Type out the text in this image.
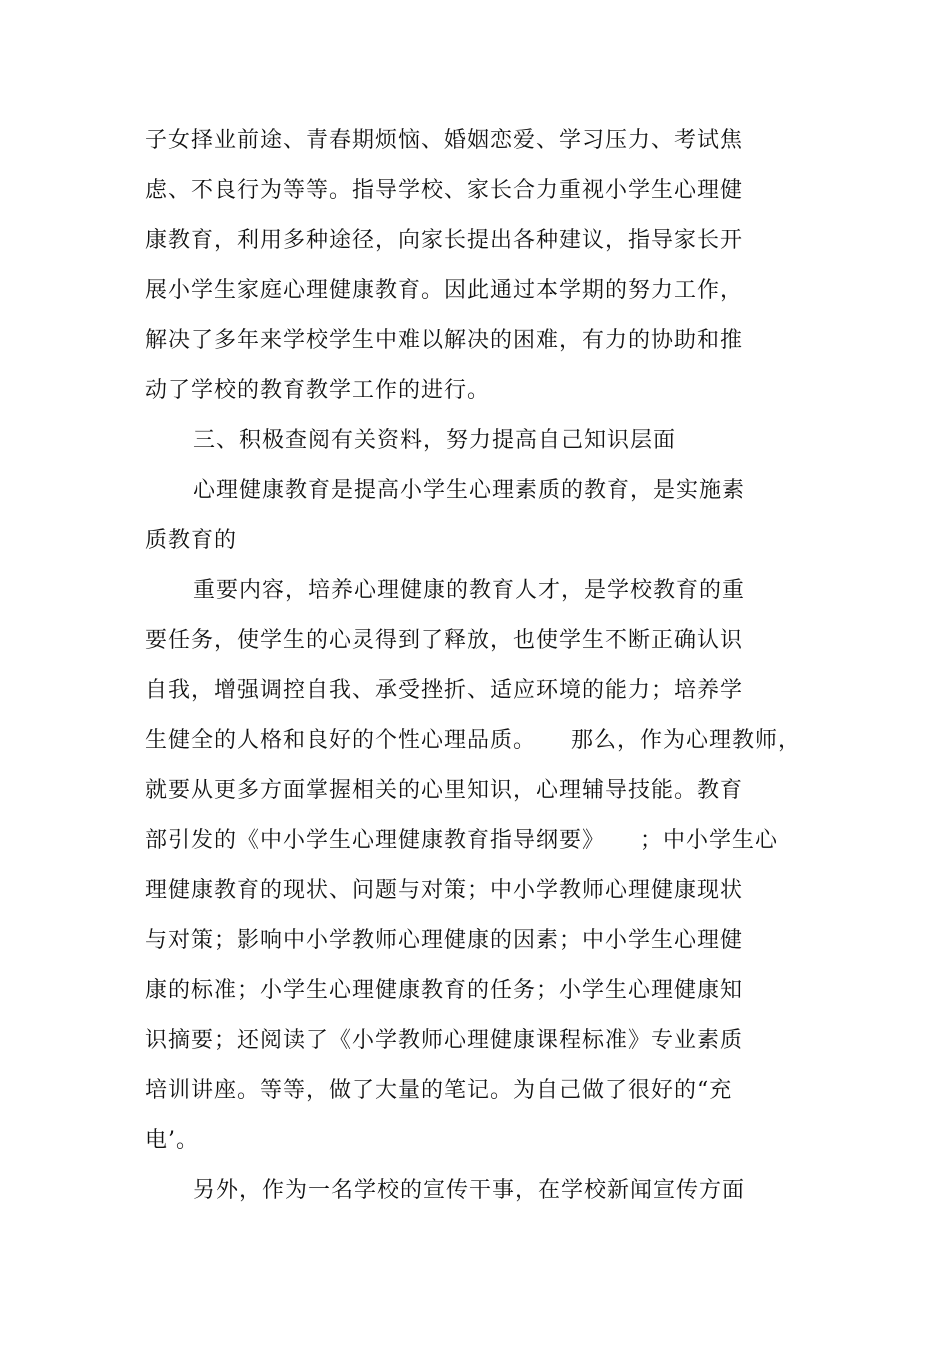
子女择业前途、青春期烦恼、婚姻恋爱、学习压力、考试焦
虑、不良行为等等。指导学校、家长合力重视小学生心理健
康教育，利用多种途径，向家长提出各种建议，指导家长开
展小学生家庭心理健康教育。因此通过本学期的努力工作，
解决了多年来学校学生中难以解决的困难，有力的协助和推
动了学校的教育教学工作的进行。
三、积极查阅有关资料，努力提高自己知识层面
心理健康教育是提高小学生心理素质的教育，是实施素
质教育的
重要内容，培养心理健康的教育人才，是学校教育的重
要任务，使学生的心灵得到了释放，也使学生不断正确认识
自我，增强调控自我、承受挫折、适应环境的能力；培养学
生健全的人格和良好的个性心理品质。　　那么，作为心理教师，
就要从更多方面掌握相关的心里知识，心理辅导技能。教育
部引发的《中小学生心理健康教育指导纲要》　　；中小学生心
理健康教育的现状、问题与对策；中小学教师心理健康现状
与对策；影响中小学教师心理健康的因素；中小学生心理健
康的标准；小学生心理健康教育的任务；小学生心理健康知
识摘要；还阅读了《小学教师心理健康课程标准》专业素质
培训讲座。等等，做了大量的笔记。为自己做了很好的“充
电’。
另外，作为一名学校的宣传干事，在学校新闻宣传方面
